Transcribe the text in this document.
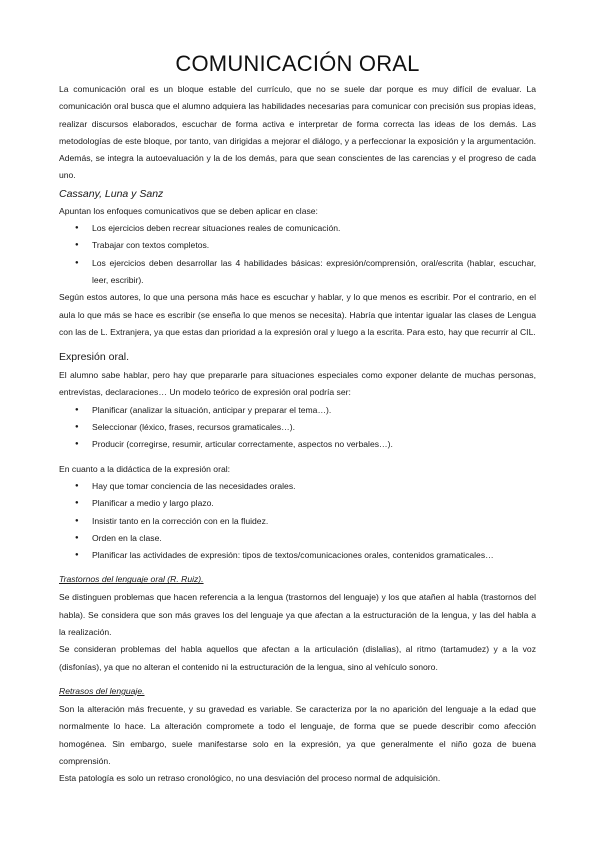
COMUNICACIÓN ORAL

La comunicación oral es un bloque estable del currículo, que no se suele dar porque es muy difícil de evaluar. La comunicación oral busca que el alumno adquiera las habilidades necesarias para comunicar con precisión sus propias ideas, realizar discursos elaborados, escuchar de forma activa e interpretar de forma correcta las ideas de los demás. Las metodologías de este bloque, por tanto, van dirigidas a mejorar el diálogo, y a perfeccionar la exposición y la argumentación. Además, se integra la autoevaluación y la de los demás, para que sean conscientes de las carencias y el progreso de cada uno.

Cassany, Luna y Sanz

Apuntan los enfoques comunicativos que se deben aplicar en clase:

● Los ejercicios deben recrear situaciones reales de comunicación.
● Trabajar con textos completos.
● Los ejercicios deben desarrollar las 4 habilidades básicas: expresión/comprensión, oral/escrita (hablar, escuchar, leer, escribir).

Según estos autores, lo que una persona más hace es escuchar y hablar, y lo que menos es escribir. Por el contrario, en el aula lo que más se hace es escribir (se enseña lo que menos se necesita). Habría que intentar igualar las clases de Lengua con las de L. Extranjera, ya que estas dan prioridad a la expresión oral y luego a la escrita. Para esto, hay que recurrir al CIL.

Expresión oral.

El alumno sabe hablar, pero hay que prepararle para situaciones especiales como exponer delante de muchas personas, entrevistas, declaraciones… Un modelo teórico de expresión oral podría ser:

● Planificar (analizar la situación, anticipar y preparar el tema…).
● Seleccionar (léxico, frases, recursos gramaticales…).
● Producir (corregirse, resumir, articular correctamente, aspectos no verbales…).

En cuanto a la didáctica de la expresión oral:

● Hay que tomar conciencia de las necesidades orales.
● Planificar a medio y largo plazo.
● Insistir tanto en la corrección con en la fluidez.
● Orden en la clase.
● Planificar las actividades de expresión: tipos de textos/comunicaciones orales, contenidos gramaticales…
Trastornos del lenguaje oral (R. Ruiz).

Se distinguen problemas que hacen referencia a la lengua (trastornos del lenguaje) y los que atañen al habla (trastornos del habla). Se considera que son más graves los del lenguaje ya que afectan a la estructuración de la lengua, y las del habla a la realización.

Se consideran problemas del habla aquellos que afectan a la articulación (dislalias), al ritmo (tartamudez) y a la voz (disfonías), ya que no alteran el contenido ni la estructuración de la lengua, sino al vehículo sonoro.

Retrasos del lenguaje.

Son la alteración más frecuente, y su gravedad es variable. Se caracteriza por la no aparición del lenguaje a la edad que normalmente lo hace. La alteración compromete a todo el lenguaje, de forma que se puede describir como afección homogénea. Sin embargo, suele manifestarse solo en la expresión, ya que generalmente el niño goza de buena comprensión.

Esta patología es solo un retraso cronológico, no una desviación del proceso normal de adquisición.
